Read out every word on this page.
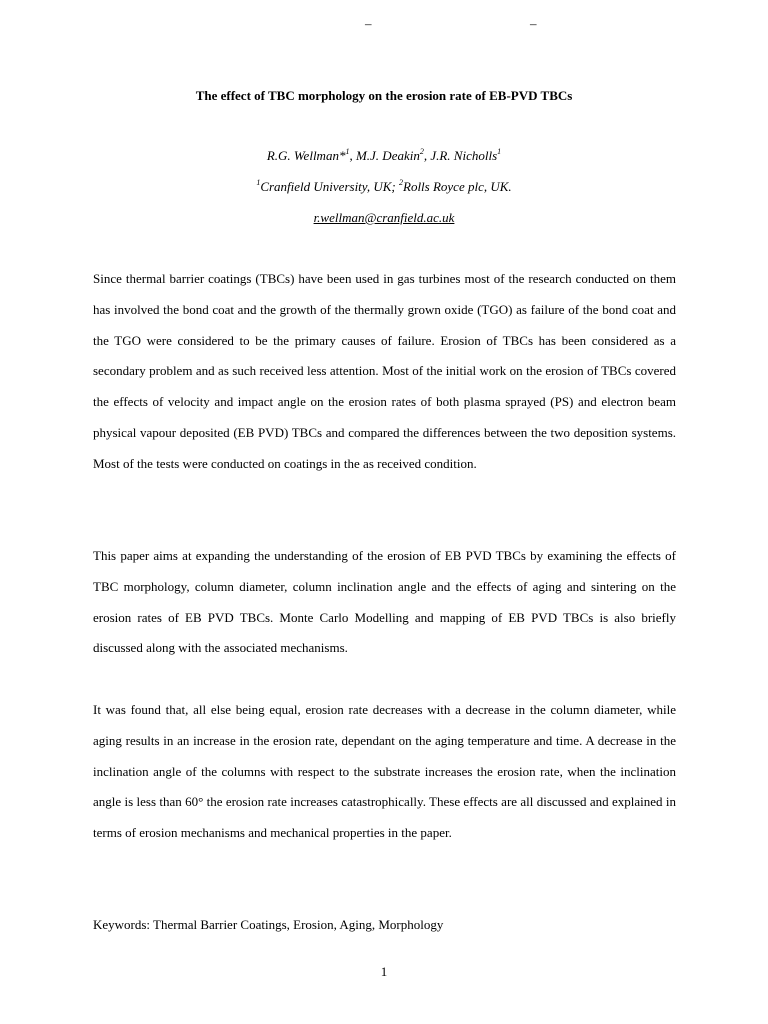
–	–
The effect of TBC morphology on the erosion rate of EB-PVD TBCs
R.G. Wellman*$^1$, M.J. Deakin$^2$, J.R. Nicholls$^1$
$^1$Cranfield University, UK; $^2$Rolls Royce plc, UK.
r.wellman@cranfield.ac.uk
Since thermal barrier coatings (TBCs) have been used in gas turbines most of the research conducted on them has involved the bond coat and the growth of the thermally grown oxide (TGO) as failure of the bond coat and the TGO were considered to be the primary causes of failure. Erosion of TBCs has been considered as a secondary problem and as such received less attention. Most of the initial work on the erosion of TBCs covered the effects of velocity and impact angle on the erosion rates of both plasma sprayed (PS) and electron beam physical vapour deposited (EB PVD) TBCs and compared the differences between the two deposition systems. Most of the tests were conducted on coatings in the as received condition.
This paper aims at expanding the understanding of the erosion of EB PVD TBCs by examining the effects of TBC morphology, column diameter, column inclination angle and the effects of aging and sintering on the erosion rates of EB PVD TBCs. Monte Carlo Modelling and mapping of EB PVD TBCs is also briefly discussed along with the associated mechanisms.
It was found that, all else being equal, erosion rate decreases with a decrease in the column diameter, while aging results in an increase in the erosion rate, dependant on the aging temperature and time. A decrease in the inclination angle of the columns with respect to the substrate increases the erosion rate, when the inclination angle is less than 60° the erosion rate increases catastrophically. These effects are all discussed and explained in terms of erosion mechanisms and mechanical properties in the paper.
Keywords: Thermal Barrier Coatings, Erosion, Aging, Morphology
1
